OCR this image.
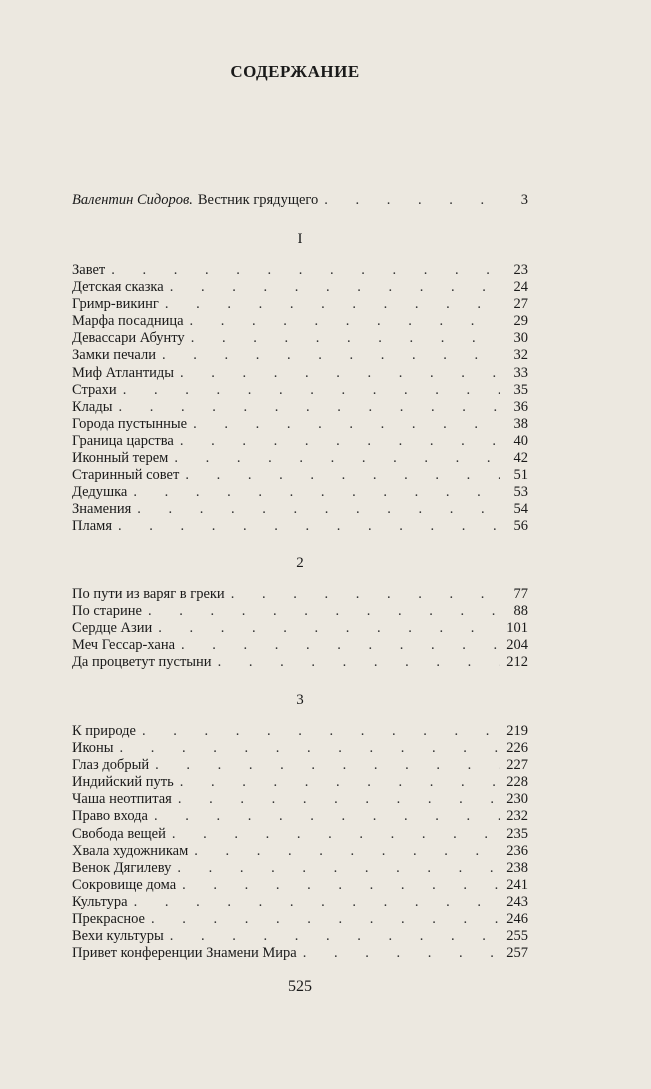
СОДЕРЖАНИЕ
Валентин Сидоров. Вестник грядущего . . .	3
I
Завет . . .	23
Детская сказка . . .	24
Гримр-викинг . . .	27
Марфа посадница . . .	29
Девассари Абунту . . .	30
Замки печали . . .	32
Миф Атлантиды . . .	33
Страхи . . .	35
Клады . . .	36
Города пустынные . . .	38
Граница царства . . .	40
Иконный терем . . .	42
Старинный совет . . .	51
Дедушка . . .	53
Знамения . . .	54
Пламя . . .	56
2
По пути из варяг в греки . . .	77
По старине . . .	88
Сердце Азии . . .	101
Меч Гессар-хана . . .	204
Да процветут пустыни . . .	212
3
К природе . . .	219
Иконы . . .	226
Глаз добрый . . .	227
Индийский путь . . .	228
Чаша неотпитая . . .	230
Право входа . . .	232
Свобода вещей . . .	235
Хвала художникам . . .	236
Венок Дягилеву . . .	238
Сокровище дома . . .	241
Культура . . .	243
Прекрасное . . .	246
Вехи культуры . . .	255
Привет конференции Знамени Мира . . .	257
525
